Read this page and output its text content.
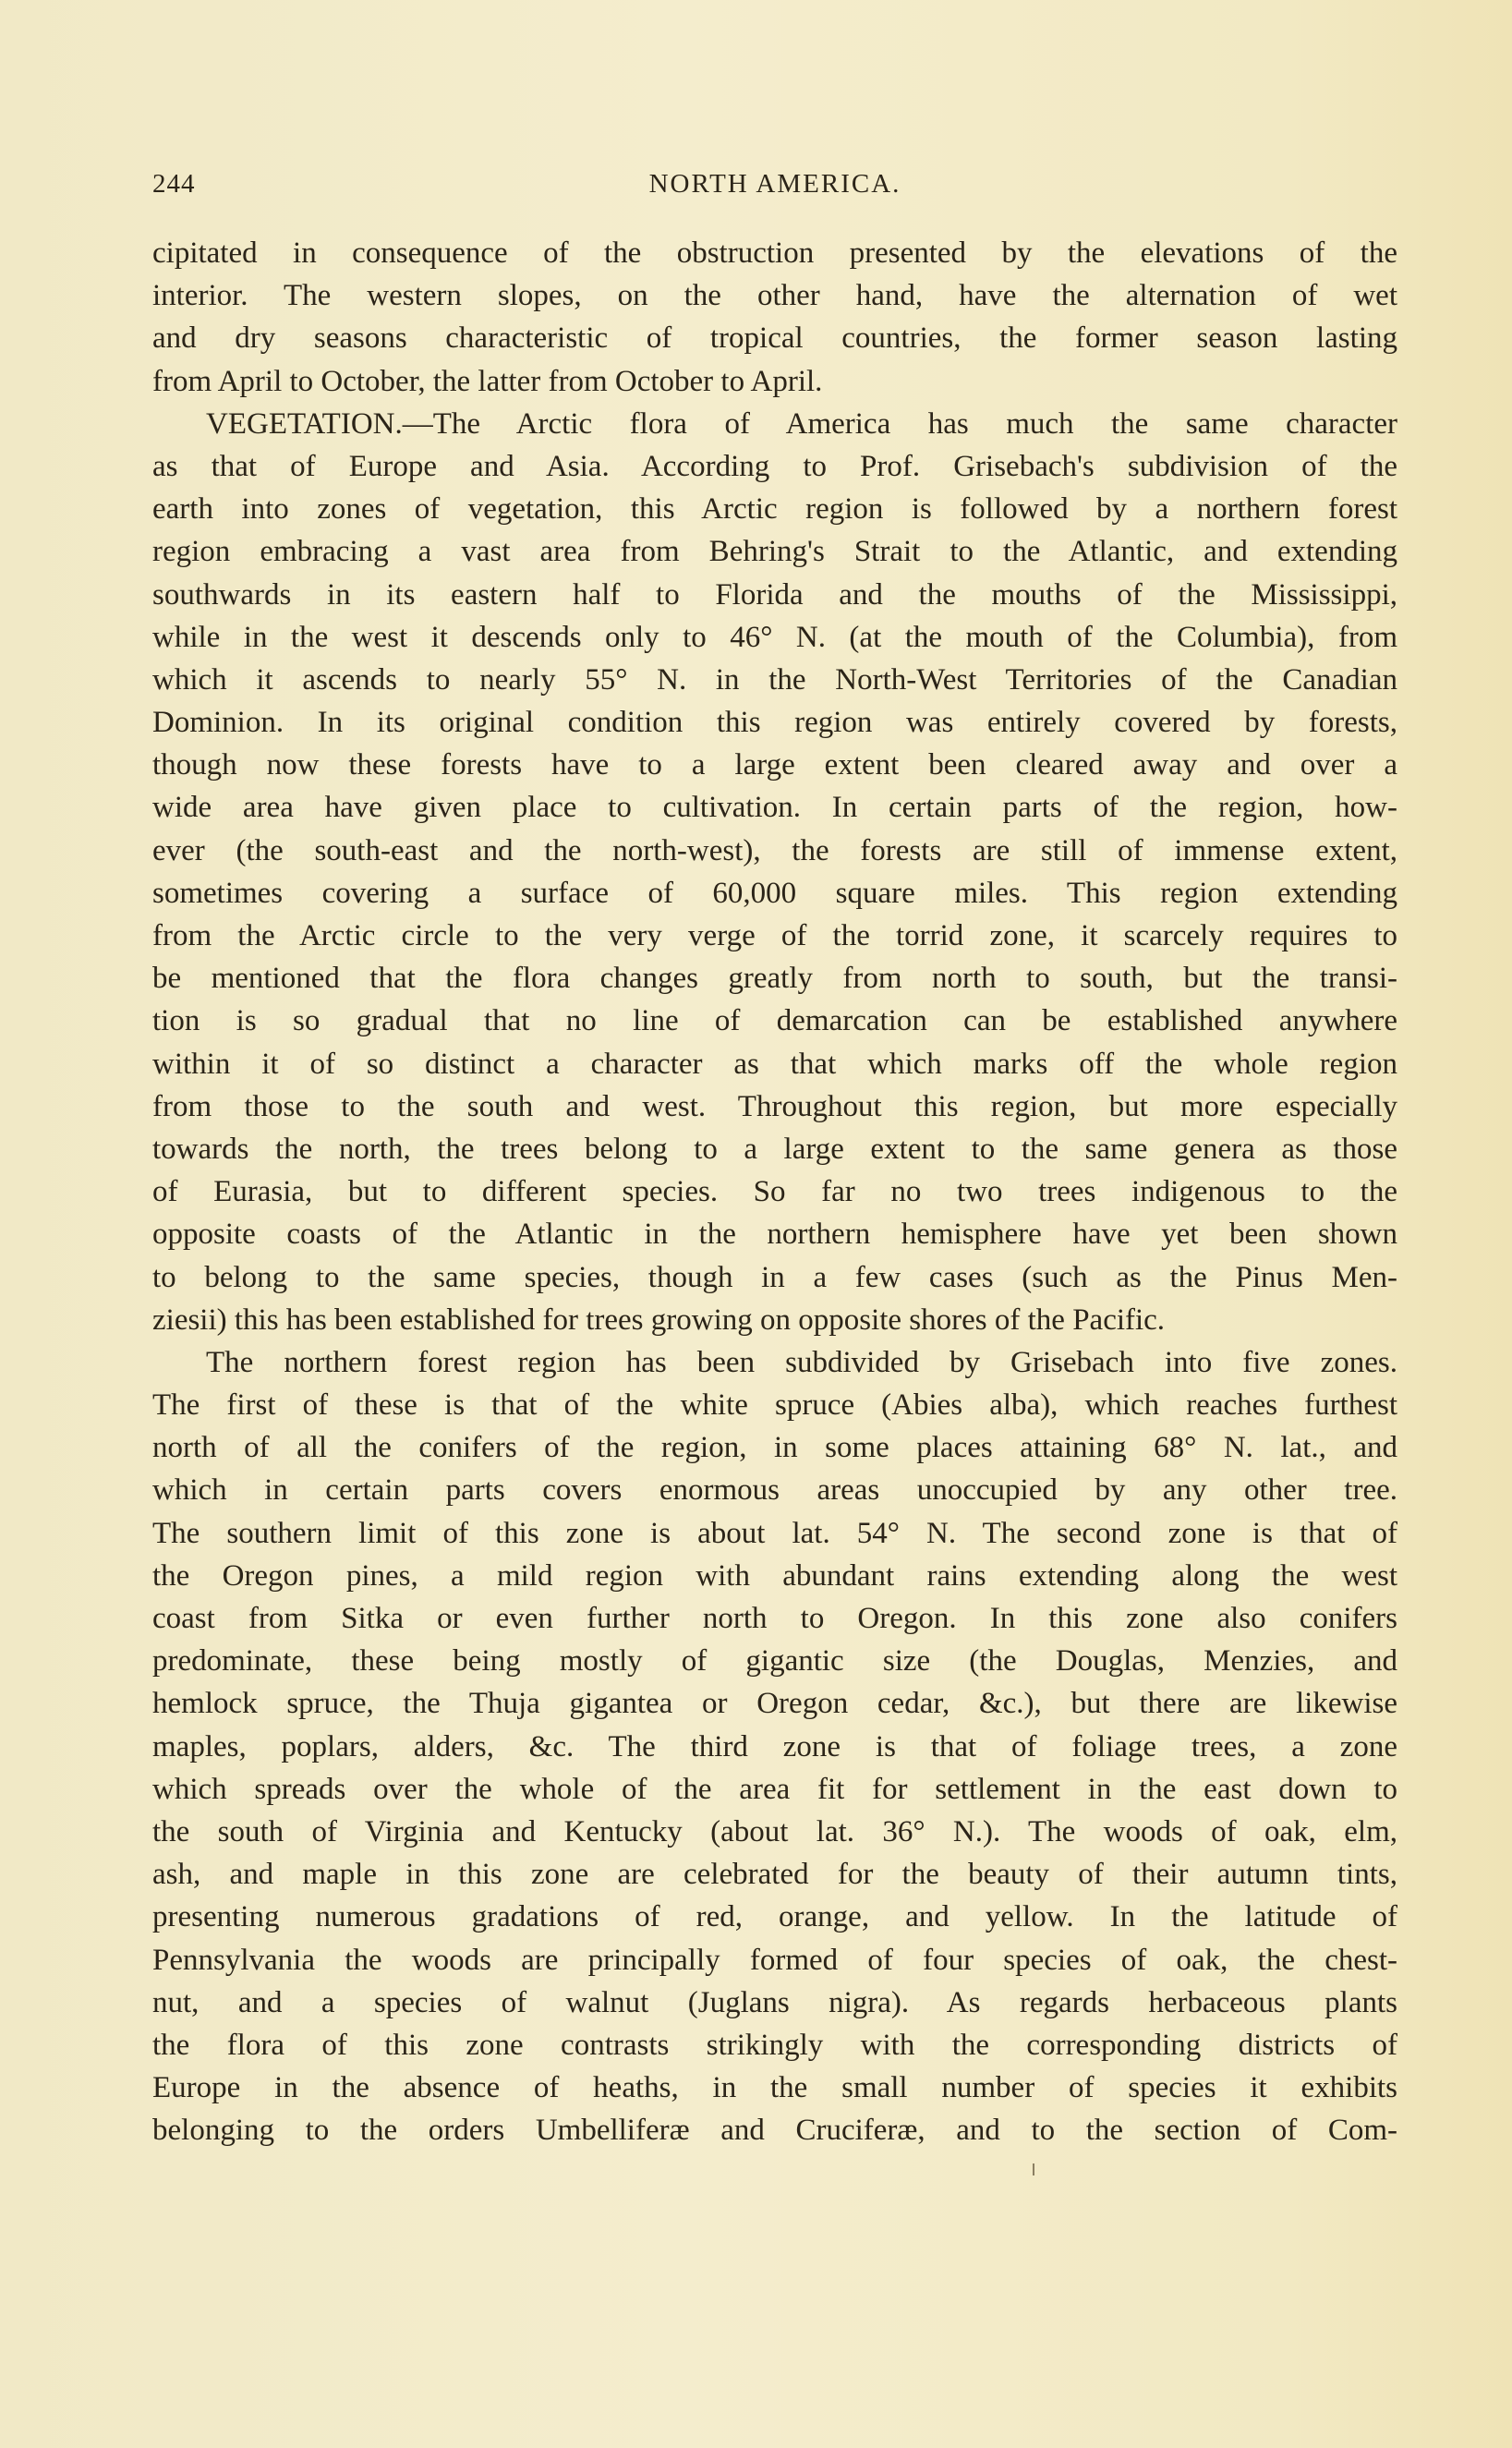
244	NORTH AMERICA.
cipitated in consequence of the obstruction presented by the elevations of the
interior. The western slopes, on the other hand, have the alternation of wet
and dry seasons characteristic of tropical countries, the former season lasting
from April to October, the latter from October to April.
VEGETATION.—The Arctic flora of America has much the same character
as that of Europe and Asia. According to Prof. Grisebach's subdivision of the
earth into zones of vegetation, this Arctic region is followed by a northern forest
region embracing a vast area from Behring's Strait to the Atlantic, and extending
southwards in its eastern half to Florida and the mouths of the Mississippi,
while in the west it descends only to 46° N. (at the mouth of the Columbia), from
which it ascends to nearly 55° N. in the North-West Territories of the Canadian
Dominion. In its original condition this region was entirely covered by forests,
though now these forests have to a large extent been cleared away and over a
wide area have given place to cultivation. In certain parts of the region, how-
ever (the south-east and the north-west), the forests are still of immense extent,
sometimes covering a surface of 60,000 square miles. This region extending
from the Arctic circle to the very verge of the torrid zone, it scarcely requires to
be mentioned that the flora changes greatly from north to south, but the transi-
tion is so gradual that no line of demarcation can be established anywhere
within it of so distinct a character as that which marks off the whole region
from those to the south and west. Throughout this region, but more especially
towards the north, the trees belong to a large extent to the same genera as those
of Eurasia, but to different species. So far no two trees indigenous to the
opposite coasts of the Atlantic in the northern hemisphere have yet been shown
to belong to the same species, though in a few cases (such as the Pinus Men-
ziesii) this has been established for trees growing on opposite shores of the Pacific.
The northern forest region has been subdivided by Grisebach into five zones.
The first of these is that of the white spruce (Abies alba), which reaches furthest
north of all the conifers of the region, in some places attaining 68° N. lat., and
which in certain parts covers enormous areas unoccupied by any other tree.
The southern limit of this zone is about lat. 54° N. The second zone is that of
the Oregon pines, a mild region with abundant rains extending along the west
coast from Sitka or even further north to Oregon. In this zone also conifers
predominate, these being mostly of gigantic size (the Douglas, Menzies, and
hemlock spruce, the Thuja gigantea or Oregon cedar, &c.), but there are likewise
maples, poplars, alders, &c. The third zone is that of foliage trees, a zone
which spreads over the whole of the area fit for settlement in the east down to
the south of Virginia and Kentucky (about lat. 36° N.). The woods of oak, elm,
ash, and maple in this zone are celebrated for the beauty of their autumn tints,
presenting numerous gradations of red, orange, and yellow. In the latitude of
Pennsylvania the woods are principally formed of four species of oak, the chest-
nut, and a species of walnut (Juglans nigra). As regards herbaceous plants
the flora of this zone contrasts strikingly with the corresponding districts of
Europe in the absence of heaths, in the small number of species it exhibits
belonging to the orders Umbelliferæ and Cruciferæ, and to the section of Com-
